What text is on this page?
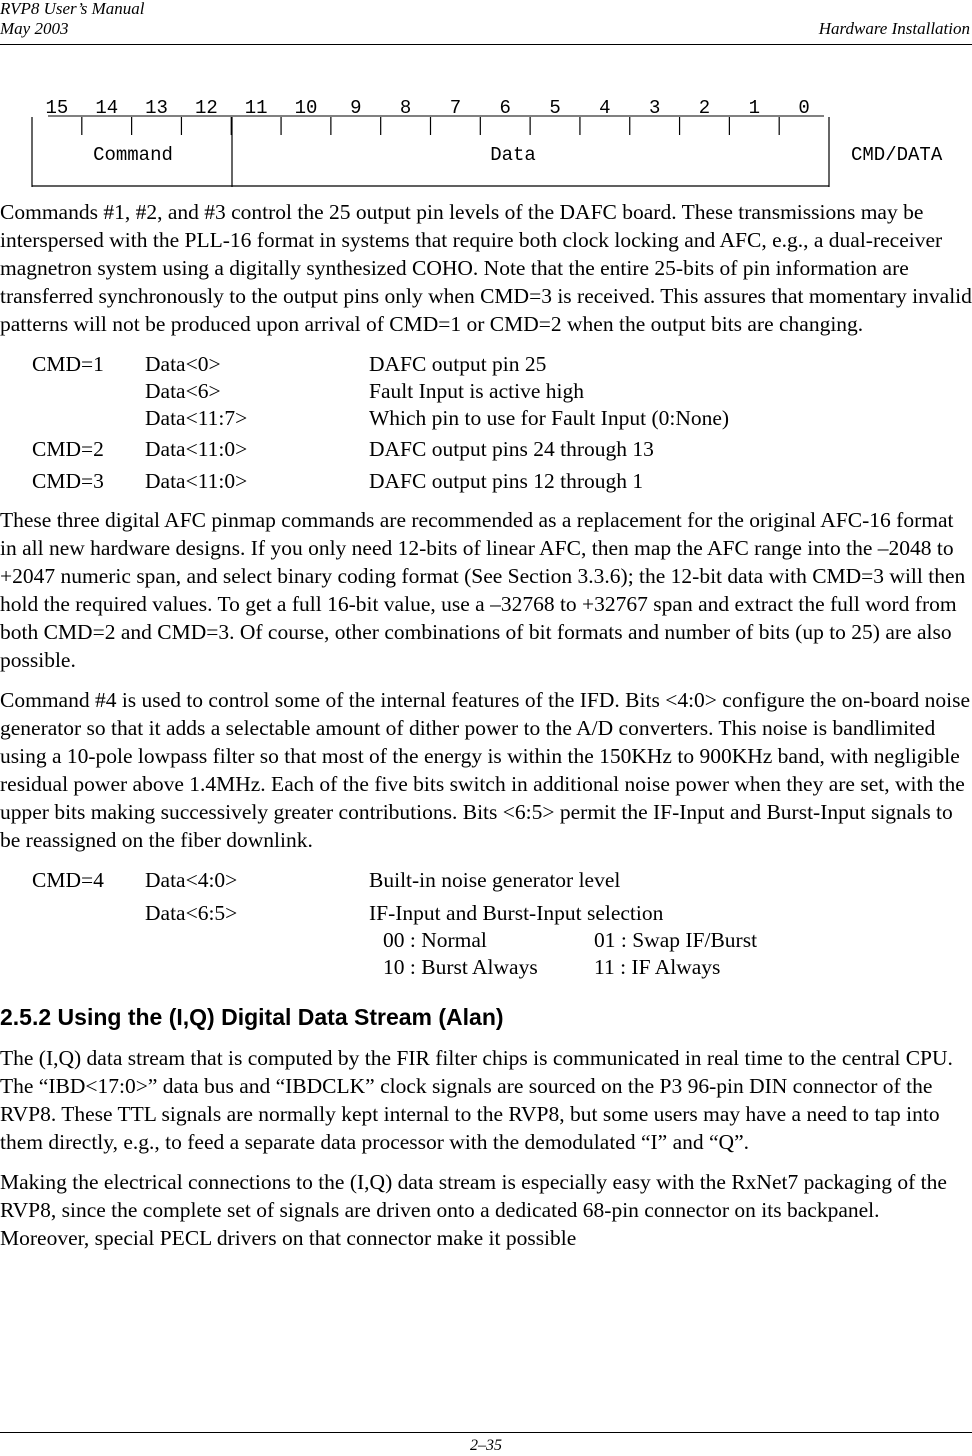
RVP8 User’s Manual
May 2003	Hardware Installation
15 14 13 12 11 10 9 8 7 6 5 4 3 2 1 0
Command	Data	CMD/DATA

Commands #1, #2, and #3 control the 25 output pin levels of the DAFC board. These transmissions may be interspersed with the PLL-16 format in systems that require both clock locking and AFC, e.g., a dual-receiver magnetron system using a digitally synthesized COHO. Note that the entire 25-bits of pin information are transferred synchronously to the output pins only when CMD=3 is received. This assures that momentary invalid patterns will not be produced upon arrival of CMD=1 or CMD=2 when the output bits are changing.

CMD=1 Data<0>	DAFC output pin 25
Data<6>	Fault Input is active high
Data<11:7>	Which pin to use for Fault Input (0:None)
CMD=2 Data<11:0>	DAFC output pins 24 through 13
CMD=3 Data<11:0>	DAFC output pins 12 through 1

These three digital AFC pinmap commands are recommended as a replacement for the original AFC-16 format in all new hardware designs. If you only need 12-bits of linear AFC, then map the AFC range into the –2048 to +2047 numeric span, and select binary coding format (See Section 3.3.6); the 12-bit data with CMD=3 will then hold the required values. To get a full 16-bit value, use a –32768 to +32767 span and extract the full word from both CMD=2 and CMD=3. Of course, other combinations of bit formats and number of bits (up to 25) are also possible.

Command #4 is used to control some of the internal features of the IFD. Bits <4:0> configure the on-board noise generator so that it adds a selectable amount of dither power to the A/D converters. This noise is bandlimited using a 10-pole lowpass filter so that most of the energy is within the 150KHz to 900KHz band, with negligible residual power above 1.4MHz. Each of the five bits switch in additional noise power when they are set, with the upper bits making successively greater contributions. Bits <6:5> permit the IF-Input and Burst-Input signals to be reassigned on the fiber downlink.

CMD=4 Data<4:0>	Built-in noise generator level
Data<6:5>	IF-Input and Burst-Input selection
00 : Normal	01 : Swap IF/Burst
10 : Burst Always	11 : IF Always
2.5.2 Using the (I,Q) Digital Data Stream (Alan)

The (I,Q) data stream that is computed by the FIR filter chips is communicated in real time to the central CPU. The “IBD<17:0>” data bus and “IBDCLK” clock signals are sourced on the P3 96-pin DIN connector of the RVP8. These TTL signals are normally kept internal to the RVP8, but some users may have a need to tap into them directly, e.g., to feed a separate data processor with the demodulated “I” and “Q”.

Making the electrical connections to the (I,Q) data stream is especially easy with the RxNet7 packaging of the RVP8, since the complete set of signals are driven onto a dedicated 68-pin connector on its backpanel. Moreover, special PECL drivers on that connector make it possible

2–35
